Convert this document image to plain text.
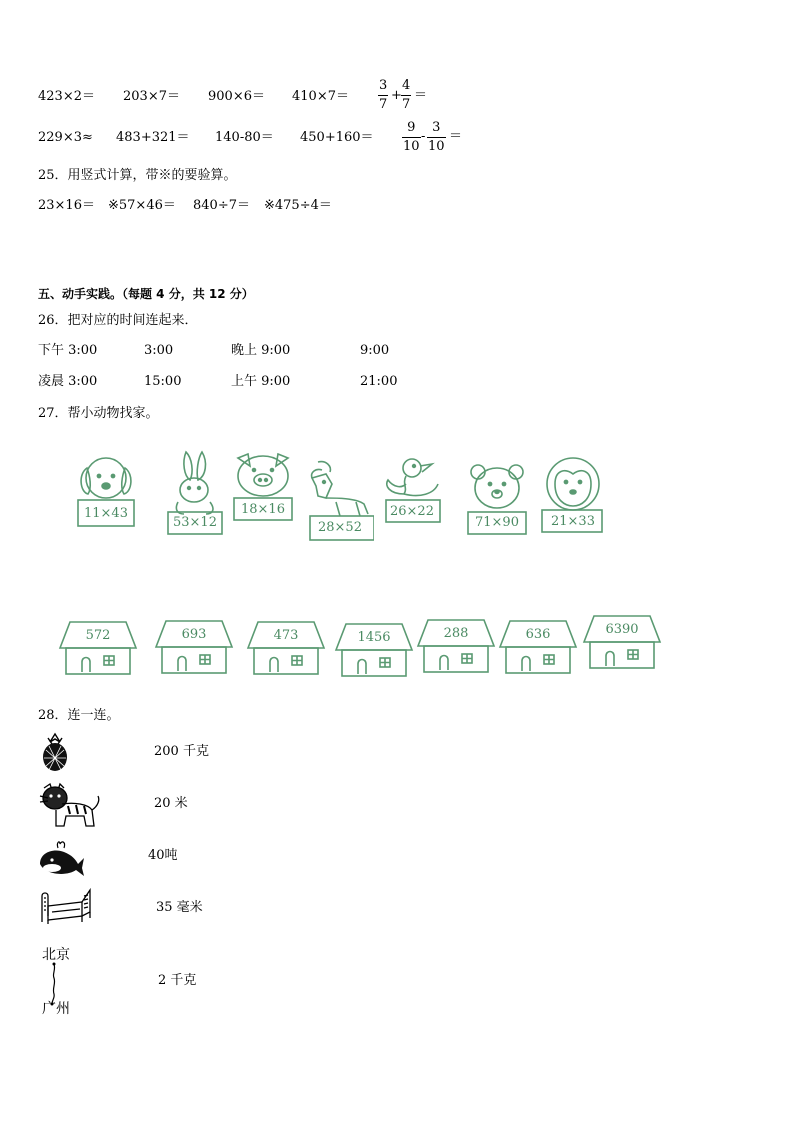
423×2＝ 203×7＝ 900×6＝ 410×7＝
3
7
+
4
7
＝
229×3≈ 483+321＝ 140-80＝ 450+160＝
9
10
-
3
10
＝
25．用竖式计算，带※的要验算。
23×16＝ ※57×46＝ 840÷7＝ ※475÷4＝
五、动手实践。（每题 4 分，共 12 分）
26．把对应的时间连起来．
下午 3:00	3:00	晚上 9:00	9:00
凌晨 3:00	15:00	上午 9:00	21:00
27．帮小动物找家。
11×43
53×12
18×16
28×52
26×22
71×90	21×33
572	693	473	1456	288	636	6390
28．连一连。
200 千克
20 米
40吨
35 毫米
北京
广州
2 千克
